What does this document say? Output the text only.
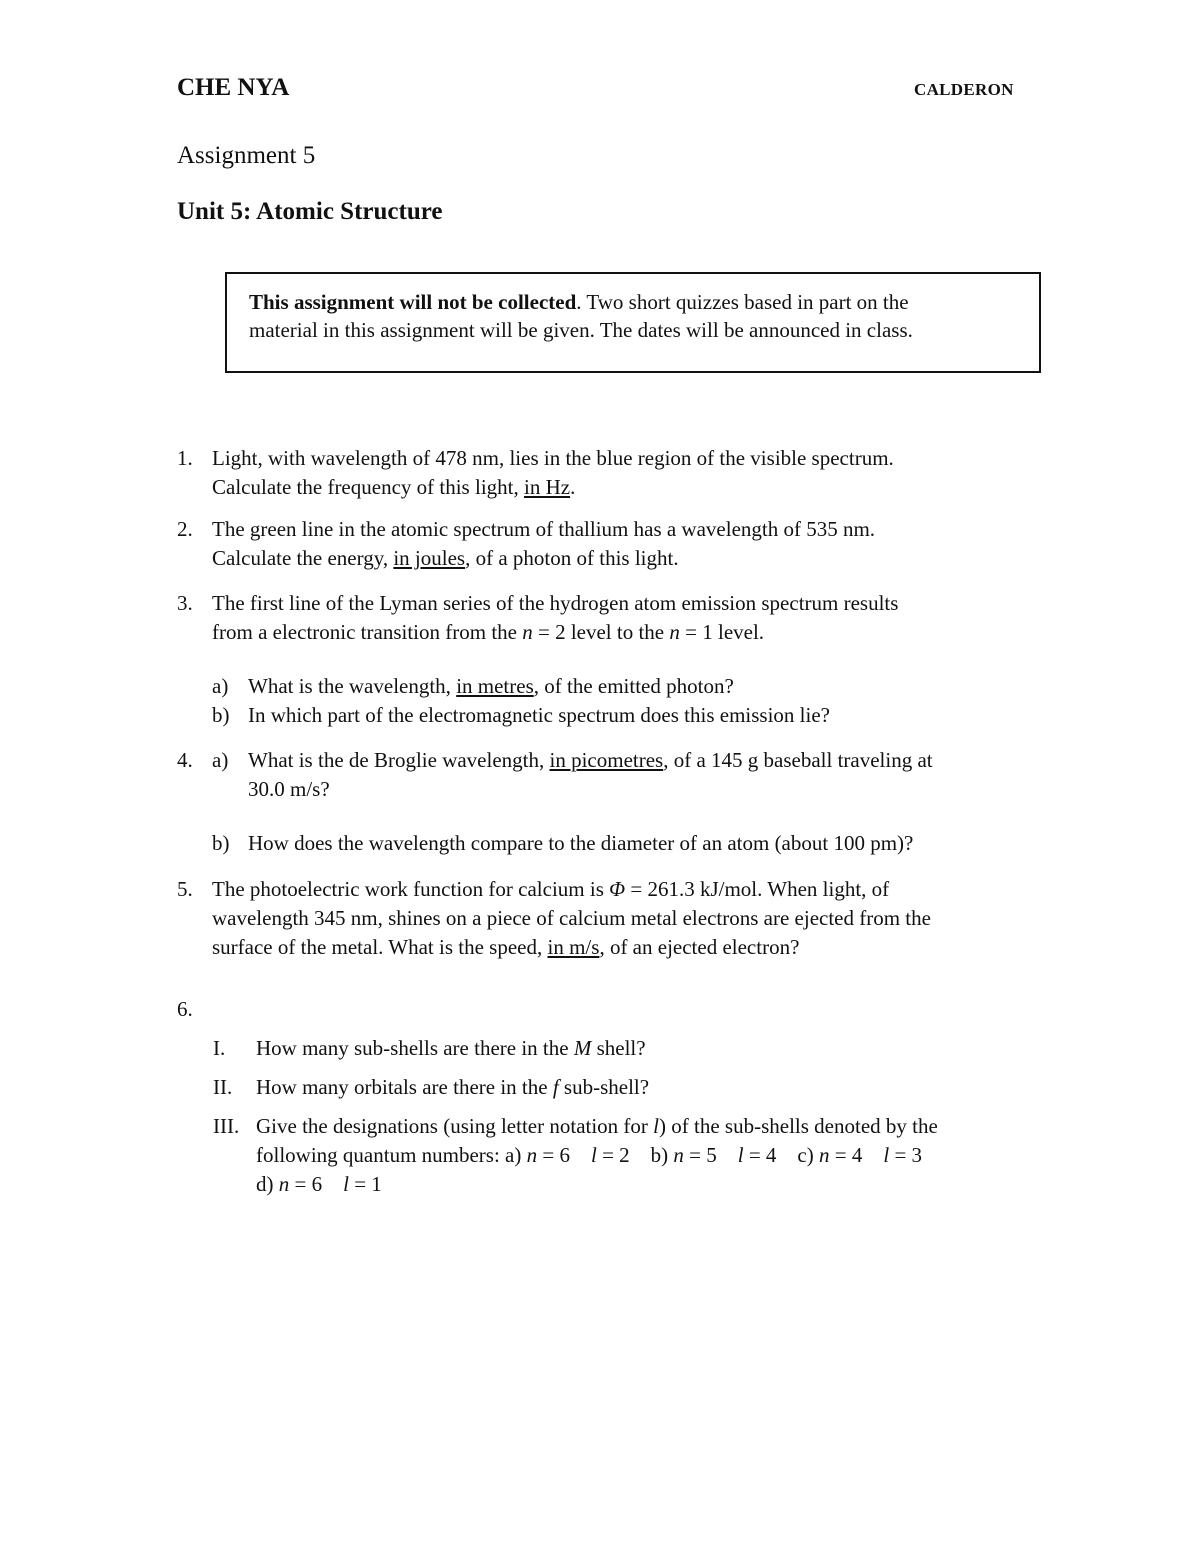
CHE NYA	CALDERON
Assignment 5
Unit 5: Atomic Structure
This assignment will not be collected. Two short quizzes based in part on the
material in this assignment will be given. The dates will be announced in class.
1. Light, with wavelength of 478 nm, lies in the blue region of the visible spectrum.
Calculate the frequency of this light, in Hz.
2. The green line in the atomic spectrum of thallium has a wavelength of 535 nm.
Calculate the energy, in joules, of a photon of this light.
3. The first line of the Lyman series of the hydrogen atom emission spectrum results
from a electronic transition from the n = 2 level to the n = 1 level.
a) What is the wavelength, in metres, of the emitted photon?
b) In which part of the electromagnetic spectrum does this emission lie?
4. a) What is the de Broglie wavelength, in picometres, of a 145 g baseball traveling at
30.0 m/s?
b) How does the wavelength compare to the diameter of an atom (about 100 pm)?
5. The photoelectric work function for calcium is Φ = 261.3 kJ/mol. When light, of
wavelength 345 nm, shines on a piece of calcium metal electrons are ejected from the
surface of the metal. What is the speed, in m/s, of an ejected electron?
6.
I. How many sub-shells are there in the M shell?
II. How many orbitals are there in the f sub-shell?
III. Give the designations (using letter notation for l) of the sub-shells denoted by the
following quantum numbers: a) n = 6    l = 2    b) n = 5    l = 4    c) n = 4    l = 3
d) n = 6    l = 1
